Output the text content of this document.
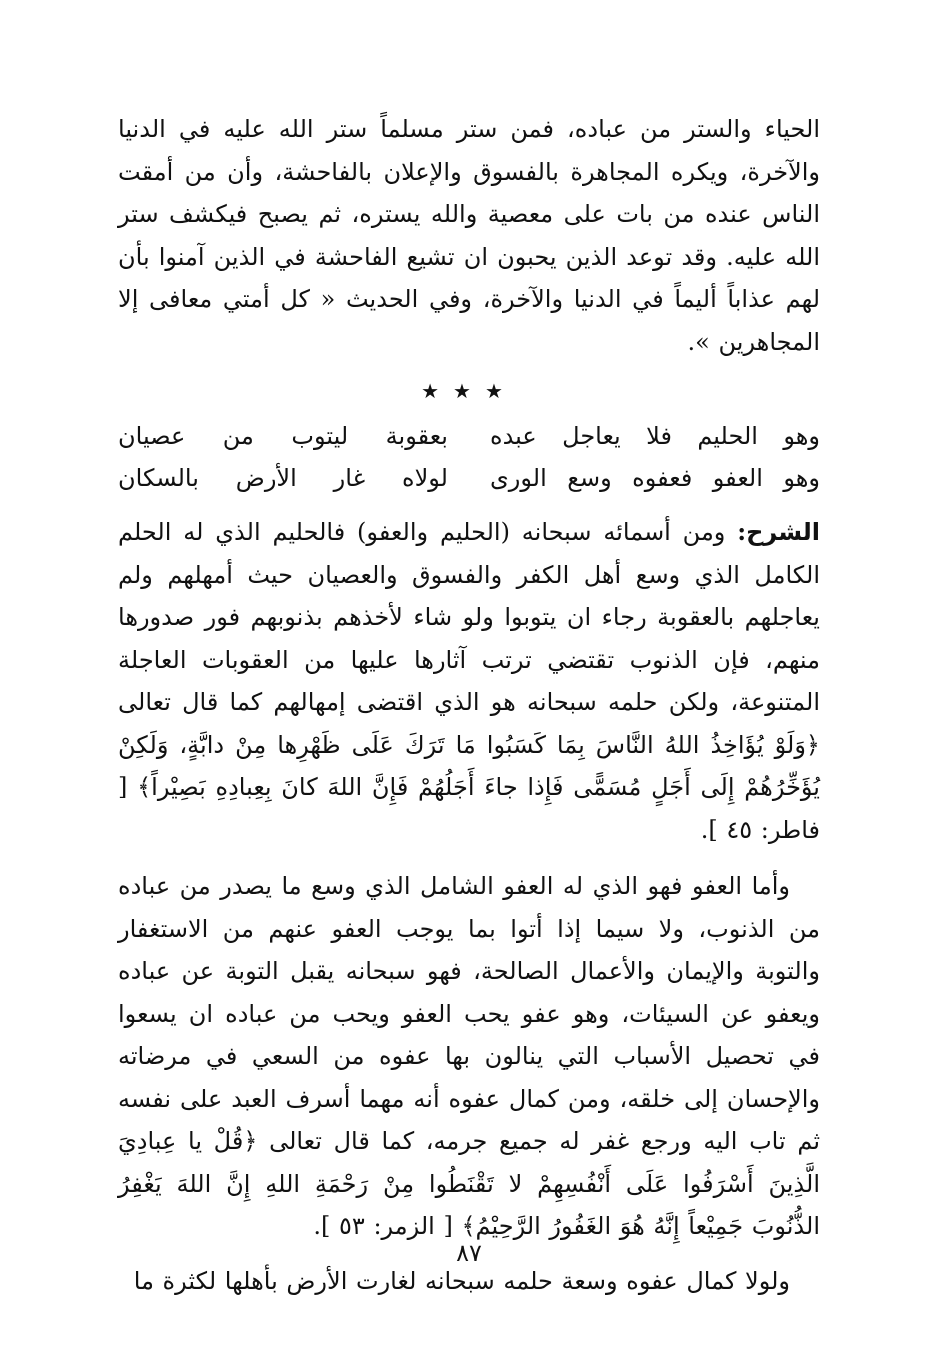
الحياء والستر من عباده، فمن ستر مسلماً ستر الله عليه في الدنيا والآخرة، ويكره المجاهرة بالفسوق والإعلان بالفاحشة، وأن من أمقت الناس عنده من بات على معصية والله يستره، ثم يصبح فيكشف ستر الله عليه. وقد توعد الذين يحبون ان تشيع الفاحشة في الذين آمنوا بأن لهم عذاباً أليماً في الدنيا والآخرة، وفي الحديث « كل أمتي معافى إلا المجاهرين ».

★★★
وهو الحليم فلا يعاجل عبده
بعقوبة ليتوب من عصيان
وهو العفو فعفوه وسع الورى
لولاه غار الأرض بالسكان

الشرح: ومن أسمائه سبحانه (الحليم والعفو) فالحليم الذي له الحلم الكامل الذي وسع أهل الكفر والفسوق والعصيان حيث أمهلهم ولم يعاجلهم بالعقوبة رجاء ان يتوبوا ولو شاء لأخذهم بذنوبهم فور صدورها منهم، فإن الذنوب تقتضي ترتب آثارها عليها من العقوبات العاجلة المتنوعة، ولكن حلمه سبحانه هو الذي اقتضى إمهالهم كما قال تعالى ﴿وَلَوْ يُؤَاخِذُ اللهُ النَّاسَ بِمَا كَسَبُوا مَا تَرَكَ عَلَى ظَهْرِها مِنْ دابَّةٍ، وَلَكِنْ يُؤَخِّرُهُمْ إِلَى أَجَلٍ مُسَمًّى فَإِذا جاءَ أَجَلُهُمْ فَإِنَّ اللهَ كانَ بِعِبادِهِ بَصِيْراً﴾ [ فاطر: ٤٥ ].

وأما العفو فهو الذي له العفو الشامل الذي وسع ما يصدر من عباده من الذنوب، ولا سيما إذا أتوا بما يوجب العفو عنهم من الاستغفار والتوبة والإيمان والأعمال الصالحة، فهو سبحانه يقبل التوبة عن عباده ويعفو عن السيئات، وهو عفو يحب العفو ويحب من عباده ان يسعوا في تحصيل الأسباب التي ينالون بها عفوه من السعي في مرضاته والإحسان إلى خلقه، ومن كمال عفوه أنه مهما أسرف العبد على نفسه ثم تاب اليه ورجع غفر له جميع جرمه، كما قال تعالى ﴿قُلْ يا عِبادِيَ الَّذِينَ أَسْرَفُوا عَلَى أَنْفُسِهِمْ لا تَقْنَطُوا مِنْ رَحْمَةِ اللهِ إِنَّ اللهَ يَغْفِرُ الذُّنُوبَ جَمِيْعاً إِنَّهُ هُوَ الغَفُورُ الرَّحِيْمُ﴾ [ الزمر: ٥٣ ].

ولولا كمال عفوه وسعة حلمه سبحانه لغارت الأرض بأهلها لكثرة ما

٨٧
